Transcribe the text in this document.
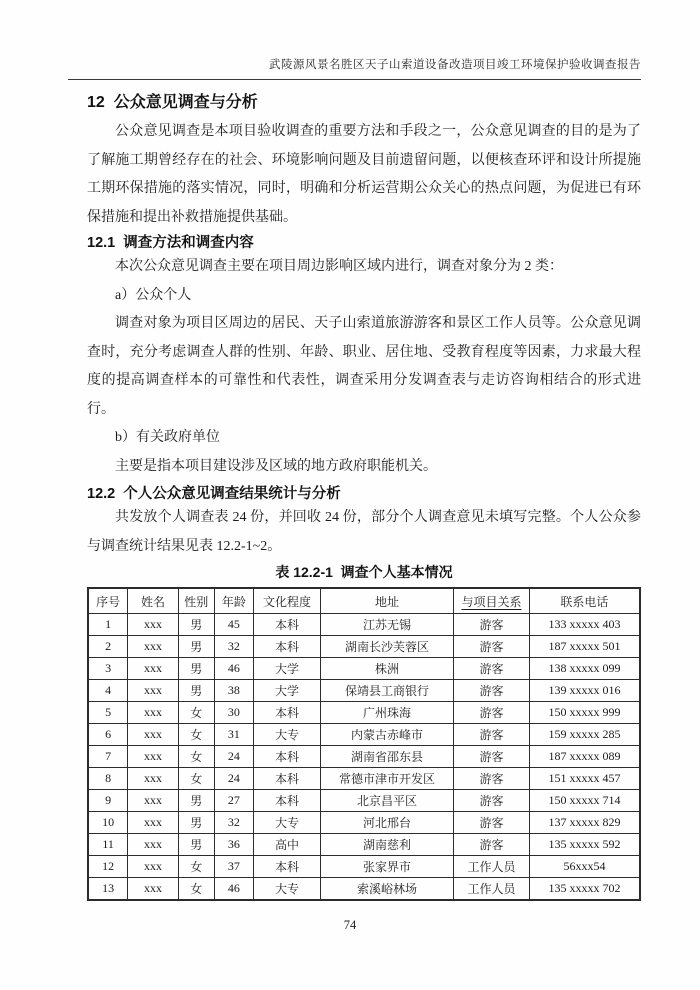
武陵源风景名胜区天子山索道设备改造项目竣工环境保护验收调查报告
12  公众意见调查与分析

公众意见调查是本项目验收调查的重要方法和手段之一，公众意见调查的目的是为了了解施工期曾经存在的社会、环境影响问题及目前遗留问题，以便核查环评和设计所提施工期环保措施的落实情况，同时，明确和分析运营期公众关心的热点问题，为促进已有环保措施和提出补救措施提供基础。

12.1  调查方法和调查内容

本次公众意见调查主要在项目周边影响区域内进行，调查对象分为 2 类：

a）公众个人

调查对象为项目区周边的居民、天子山索道旅游游客和景区工作人员等。公众意见调查时，充分考虑调查人群的性别、年龄、职业、居住地、受教育程度等因素，力求最大程度的提高调查样本的可靠性和代表性，调查采用分发调查表与走访咨询相结合的形式进行。

b）有关政府单位

主要是指本项目建设涉及区域的地方政府职能机关。

12.2  个人公众意见调查结果统计与分析

共发放个人调查表 24 份，并回收 24 份，部分个人调查意见未填写完整。个人公众参与调查统计结果见表 12.2-1~2。

表 12.2-1  调查个人基本情况
序号	姓名	性别	年龄	文化程度	地址	与项目关系	联系电话
1	xxx	男	45	本科	江苏无锡	游客	133 xxxxx 403
2	xxx	男	32	本科	湖南长沙芙蓉区	游客	187 xxxxx 501
3	xxx	男	46	大学	株洲	游客	138 xxxxx 099
4	xxx	男	38	大学	保靖县工商银行	游客	139 xxxxx 016
5	xxx	女	30	本科	广州珠海	游客	150 xxxxx 999
6	xxx	女	31	大专	内蒙古赤峰市	游客	159 xxxxx 285
7	xxx	女	24	本科	湖南省邵东县	游客	187 xxxxx 089
8	xxx	女	24	本科	常德市津市开发区	游客	151 xxxxx 457
9	xxx	男	27	本科	北京昌平区	游客	150 xxxxx 714
10	xxx	男	32	大专	河北邢台	游客	137 xxxxx 829
11	xxx	男	36	高中	湖南慈利	游客	135 xxxxx 592
12	xxx	女	37	本科	张家界市	工作人员	56xxx54
13	xxx	女	46	大专	索溪峪林场	工作人员	135 xxxxx 702
74
